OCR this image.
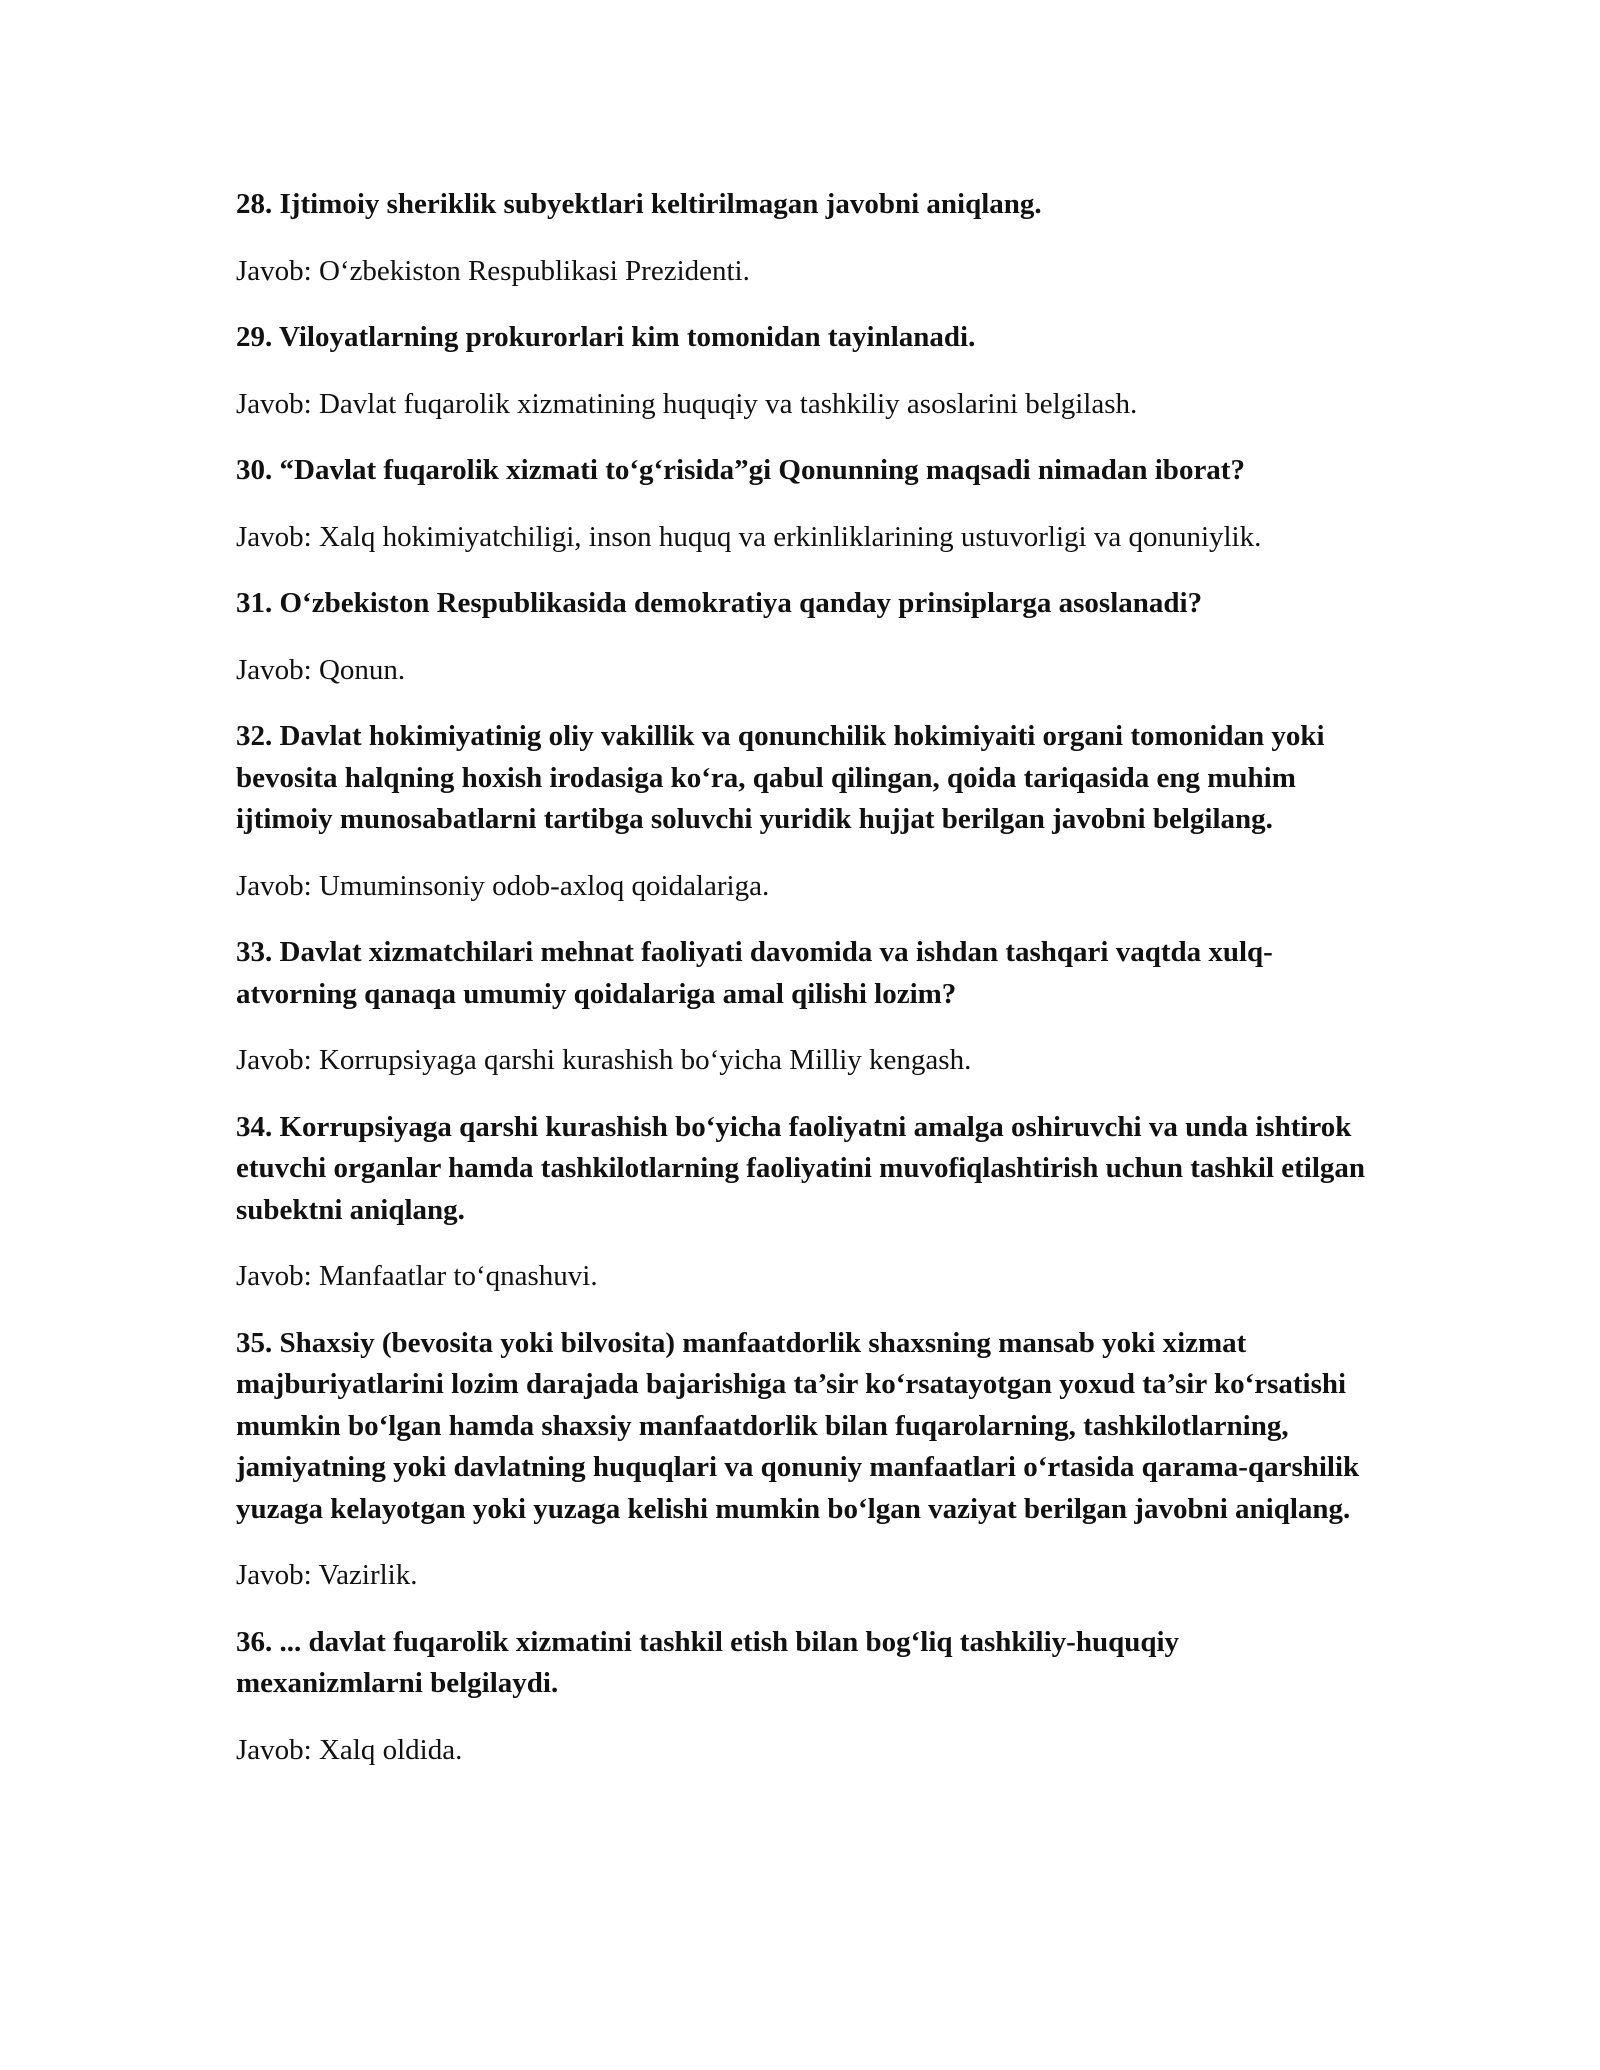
28. Ijtimoiy sheriklik subyektlari keltirilmagan javobni aniqlang.

Javob: O‘zbekiston Respublikasi Prezidenti.

29. Viloyatlarning prokurorlari kim tomonidan tayinlanadi.

Javob: Davlat fuqarolik xizmatining huquqiy va tashkiliy asoslarini belgilash.

30. “Davlat fuqarolik xizmati to‘g‘risida”gi Qonunning maqsadi nimadan iborat?

Javob: Xalq hokimiyatchiligi, inson huquq va erkinliklarining ustuvorligi va qonuniylik.

31. O‘zbekiston Respublikasida demokratiya qanday prinsiplarga asoslanadi?

Javob: Qonun.

32. Davlat hokimiyatinig oliy vakillik va qonunchilik hokimiyaiti organi tomonidan yoki bevosita halqning hoxish irodasiga ko‘ra, qabul qilingan, qoida tariqasida eng muhim ijtimoiy munosabatlarni tartibga soluvchi yuridik hujjat berilgan javobni belgilang.

Javob: Umuminsoniy odob-axloq qoidalariga.

33. Davlat xizmatchilari mehnat faoliyati davomida va ishdan tashqari vaqtda xulq-atvorning qanaqa umumiy qoidalariga amal qilishi lozim?

Javob: Korrupsiyaga qarshi kurashish bo‘yicha Milliy kengash.

34. Korrupsiyaga qarshi kurashish bo‘yicha faoliyatni amalga oshiruvchi va unda ishtirok etuvchi organlar hamda tashkilotlarning faoliyatini muvofiqlashtirish uchun tashkil etilgan subektni aniqlang.

Javob: Manfaatlar to‘qnashuvi.

35. Shaxsiy (bevosita yoki bilvosita) manfaatdorlik shaxsning mansab yoki xizmat majburiyatlarini lozim darajada bajarishiga ta’sir ko‘rsatayotgan yoxud ta’sir ko‘rsatishi mumkin bo‘lgan hamda shaxsiy manfaatdorlik bilan fuqarolarning, tashkilotlarning, jamiyatning yoki davlatning huquqlari va qonuniy manfaatlari o‘rtasida qarama-qarshilik yuzaga kelayotgan yoki yuzaga kelishi mumkin bo‘lgan vaziyat berilgan javobni aniqlang.

Javob: Vazirlik.

36. ... davlat fuqarolik xizmatini tashkil etish bilan bog‘liq tashkiliy-huquqiy mexanizmlarni belgilaydi.

Javob: Xalq oldida.
